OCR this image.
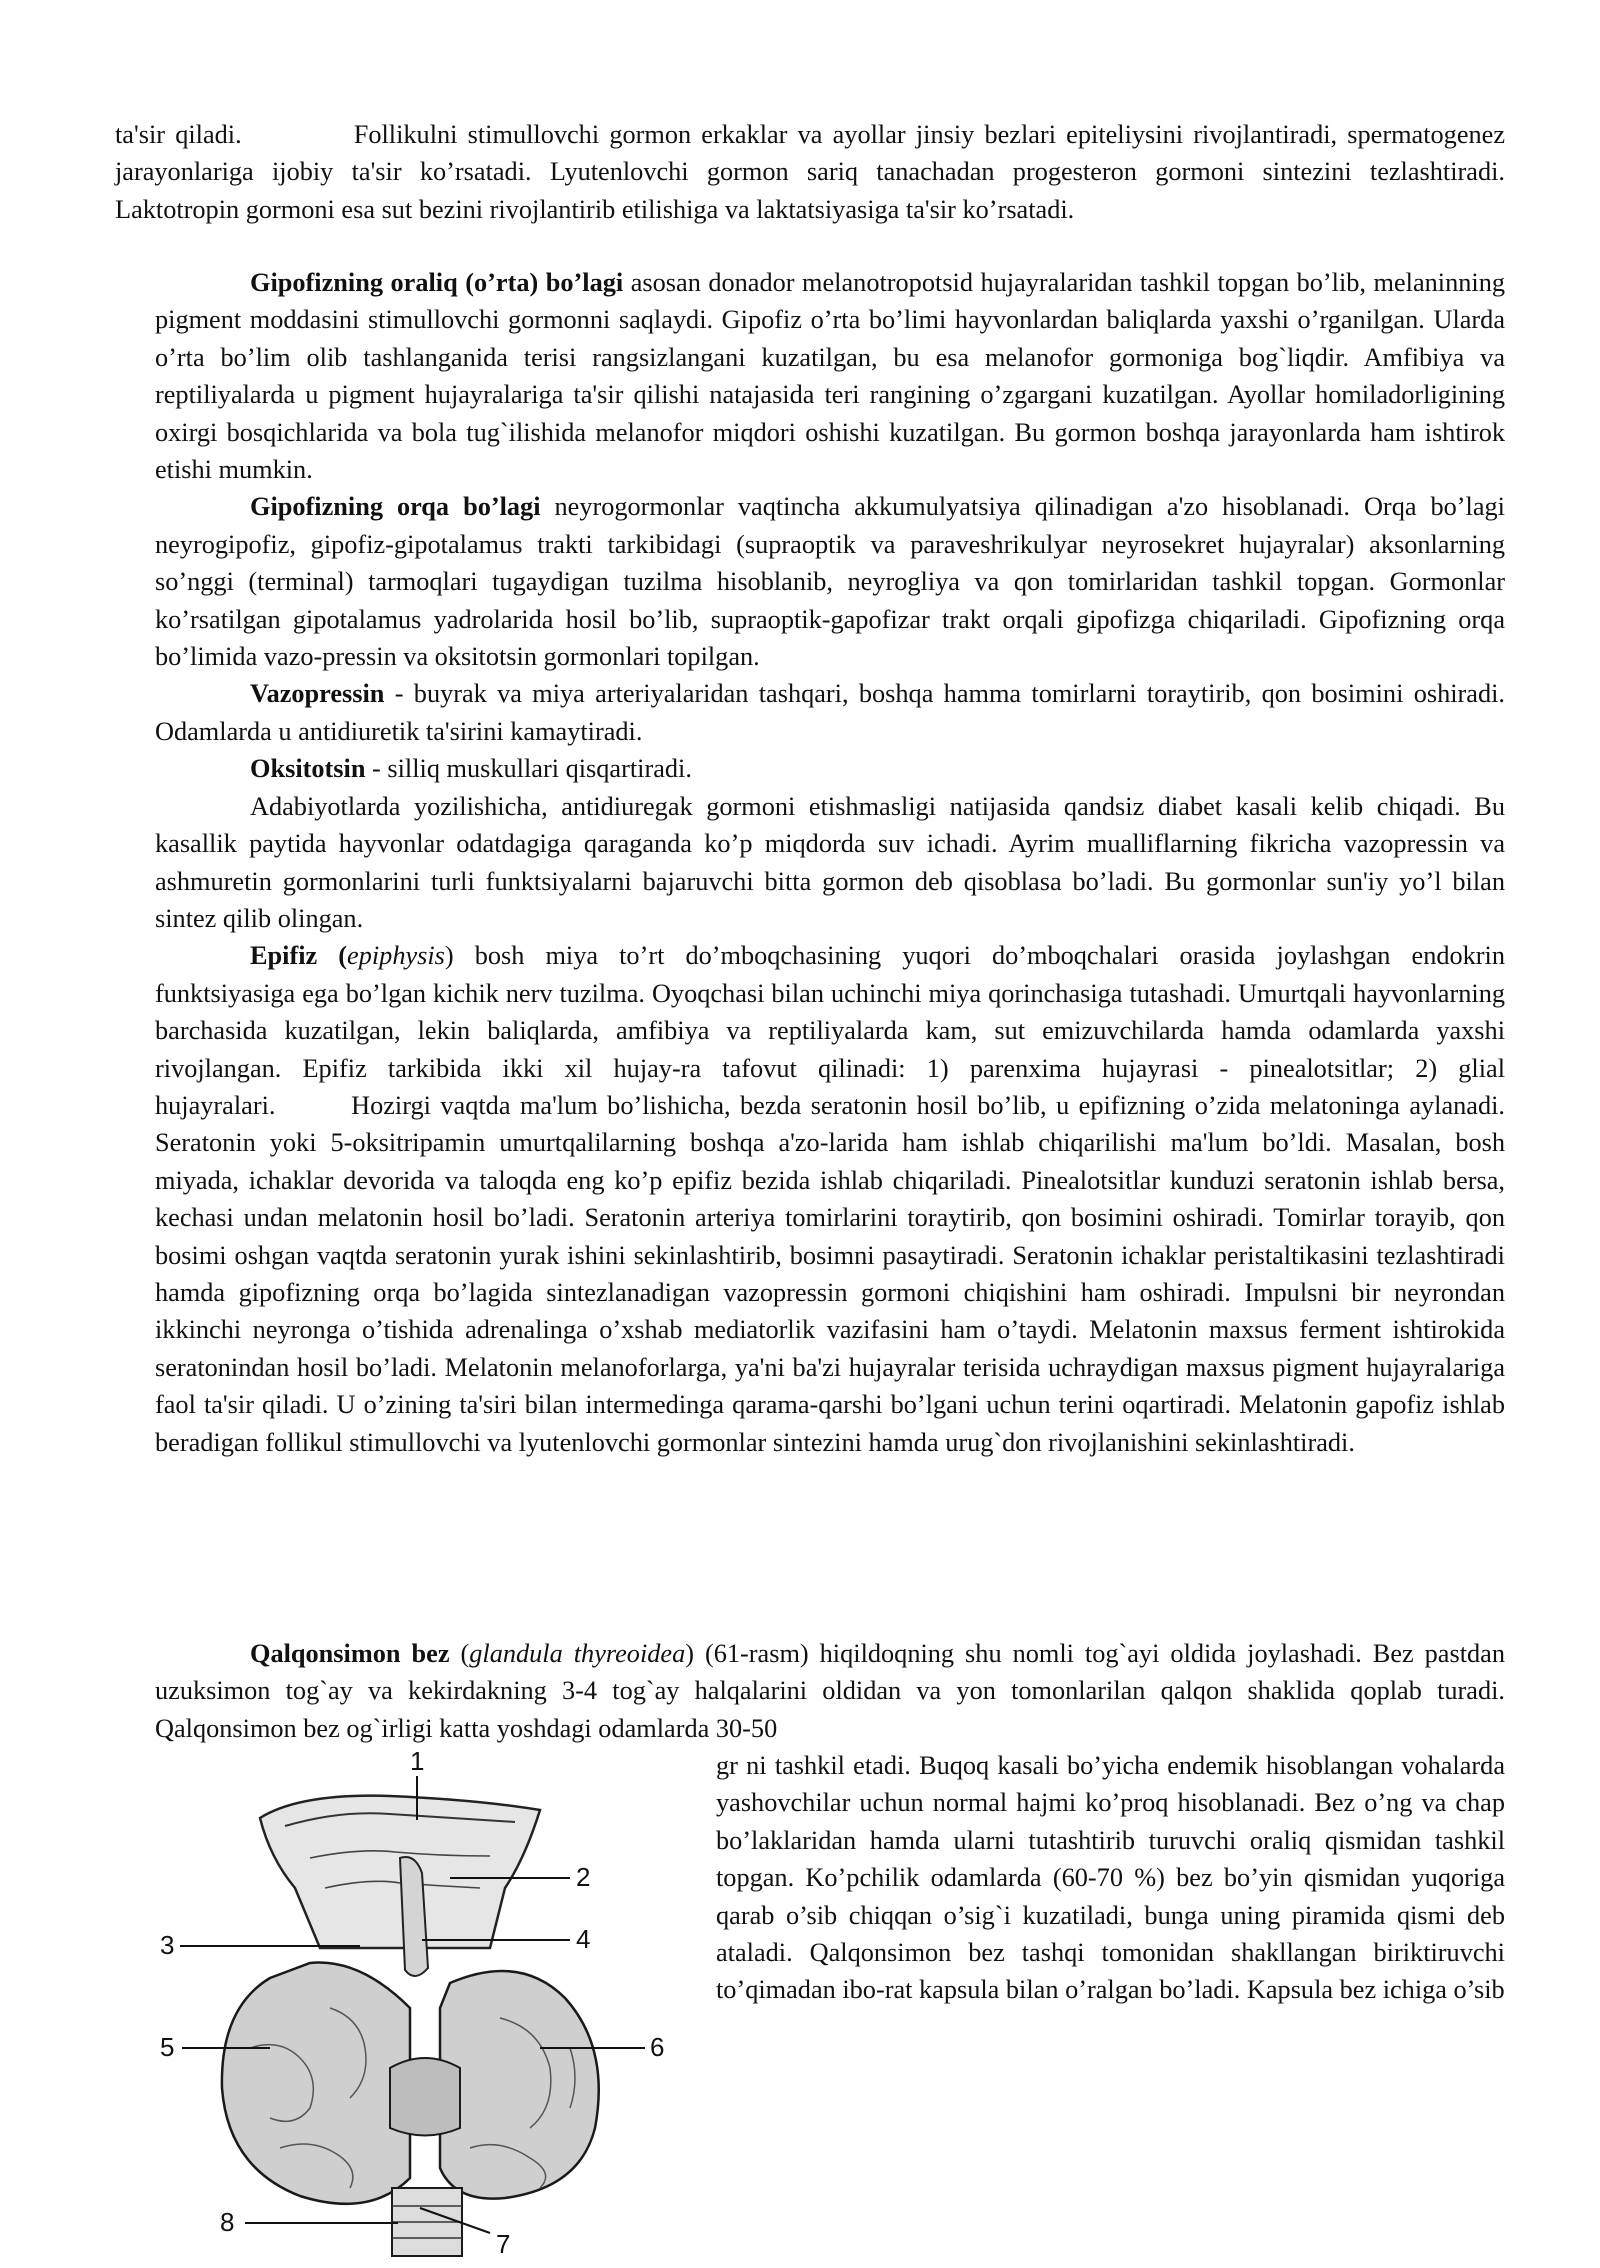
ta'sir qiladi.           Follikulni stimullovchi gormon erkaklar va ayollar jinsiy bezlari epiteliysini rivojlantiradi, spermatogenez jarayonlariga ijobiy ta'sir ko’rsatadi. Lyutenlovchi gormon sariq tanachadan progesteron gormoni sintezini tezlashtiradi. Laktotropin gormoni esa sut bezini rivojlantirib etilishiga va laktatsiyasiga ta'sir ko’rsatadi.

Gipofizning oraliq (o’rta) bo’lagi asosan donador melanotropotsid hujayralaridan tashkil topgan bo’lib, melaninning pigment moddasini stimullovchi gormonni saqlaydi. Gipofiz o’rta bo’limi hayvonlardan baliqlarda yaxshi o’rganilgan. Ularda o’rta bo’lim olib tashlanganida terisi rangsizlangani kuzatilgan, bu esa melanofor gormoniga bog`liqdir. Amfibiya va reptiliyalarda u pigment hujayralariga ta'sir qilishi natajasida teri rangining o’zgargani kuzatilgan. Ayollar homiladorligining oxirgi bosqichlarida va bola tug`ilishida melanofor miqdori oshishi kuzatilgan. Bu gormon boshqa jarayonlarda ham ishtirok etishi mumkin.

Gipofizning orqa bo’lagi neyrogormonlar vaqtincha akkumulyatsiya qilinadigan a'zo hisoblanadi. Orqa bo’lagi neyrogipofiz, gipofiz-gipotalamus trakti tarkibidagi (supraoptik va paraveshrikulyar neyrosekret hujayralar) aksonlarning so’nggi (terminal) tarmoqlari tugaydigan tuzilma hisoblanib, neyrogliya va qon tomirlaridan tashkil topgan. Gormonlar ko’rsatilgan gipotalamus yadrolarida hosil bo’lib, supraoptik-gapofizar trakt orqali gipofizga chiqariladi. Gipofizning orqa bo’limida vazo-pressin va oksitotsin gormonlari topilgan.

Vazopressin - buyrak va miya arteriyalaridan tashqari, boshqa hamma tomirlarni toraytirib, qon bosimini oshiradi. Odamlarda u antidiuretik ta'sirini kamaytiradi.

Oksitotsin - silliq muskullari qisqartiradi.

Adabiyotlarda yozilishicha, antidiuregak gormoni etishmasligi natijasida qandsiz diabet kasali kelib chiqadi. Bu kasallik paytida hayvonlar odatdagiga qaraganda ko’p miqdorda suv ichadi. Ayrim mualliflarning fikricha vazopressin va ashmuretin gormonlarini turli funktsiyalarni bajaruvchi bitta gormon deb qisoblasa bo’ladi. Bu gormonlar sun'iy yo’l bilan sintez qilib olingan.

Epifiz (epiphysis) bosh miya to’rt do’mboqchasining yuqori do’mboqchalari orasida joylashgan endokrin funktsiyasiga ega bo’lgan kichik nerv tuzilma. Oyoqchasi bilan uchinchi miya qorinchasiga tutashadi. Umurtqali hayvonlarning barchasida kuzatilgan, lekin baliqlarda, amfibiya va reptiliyalarda kam, sut emizuvchilarda hamda odamlarda yaxshi rivojlangan. Epifiz tarkibida ikki xil hujay-ra tafovut qilinadi: 1) parenxima hujayrasi - pinealotsitlar; 2) glial hujayralari.        Hozirgi vaqtda ma'lum bo’lishicha, bezda seratonin hosil bo’lib, u epifizning o’zida melatoninga aylanadi. Seratonin yoki 5-oksitripamin umurtqalilarning boshqa a'zo-larida ham ishlab chiqarilishi ma'lum bo’ldi. Masalan, bosh miyada, ichaklar devorida va taloqda eng ko’p epifiz bezida ishlab chiqariladi. Pinealotsitlar kunduzi seratonin ishlab bersa, kechasi undan melatonin hosil bo’ladi. Seratonin arteriya tomirlarini toraytirib, qon bosimini oshiradi. Tomirlar torayib, qon bosimi oshgan vaqtda seratonin yurak ishini sekinlashtirib, bosimni pasaytiradi. Seratonin ichaklar peristaltikasini tezlashtiradi hamda gipofizning orqa bo’lagida sintezlanadigan vazopressin gormoni chiqishini ham oshiradi. Impulsni bir neyrondan ikkinchi neyronga o’tishida adrenalinga o’xshab mediatorlik vazifasini ham o’taydi. Melatonin maxsus ferment ishtirokida seratonindan hosil bo’ladi. Melatonin melanoforlarga, ya'ni ba'zi hujayralar terisida uchraydigan maxsus pigment hujayralariga faol ta'sir qiladi. U o’zining ta'siri bilan intermedinga qarama-qarshi bo’lgani uchun terini oqartiradi. Melatonin gapofiz ishlab beradigan follikul stimullovchi va lyutenlovchi gormonlar sintezini hamda urug`don rivojlanishini sekinlashtiradi.

Qalqonsimon bez (glandula thyreoidea) (61-rasm) hiqildoqning shu nomli tog`ayi oldida joylashadi. Bez pastdan uzuksimon tog`ay va kekirdakning 3-4 tog`ay halqalarini oldidan va yon tomonlarilan qalqon shaklida qoplab turadi. Qalqonsimon bez og`irligi katta yoshdagi odamlarda 30-50

gr ni tashkil etadi. Buqoq kasali bo’yicha endemik hisoblangan vohalarda yashovchilar uchun normal hajmi ko’proq hisoblanadi. Bez o’ng va chap bo’laklaridan hamda ularni tutashtirib turuvchi oraliq qismidan tashkil topgan. Ko’pchilik odamlarda (60-70 %) bez bo’yin qismidan yuqoriga qarab o’sib chiqqan o’sig`i kuzatiladi, bunga uning piramida qismi deb ataladi. Qalqonsimon bez tashqi tomonidan shakllangan biriktiruvchi to’qimadan ibo-rat kapsula bilan o’ralgan bo’ladi. Kapsula bez ichiga o’sib

1
2
3	4
5	6
7
8
